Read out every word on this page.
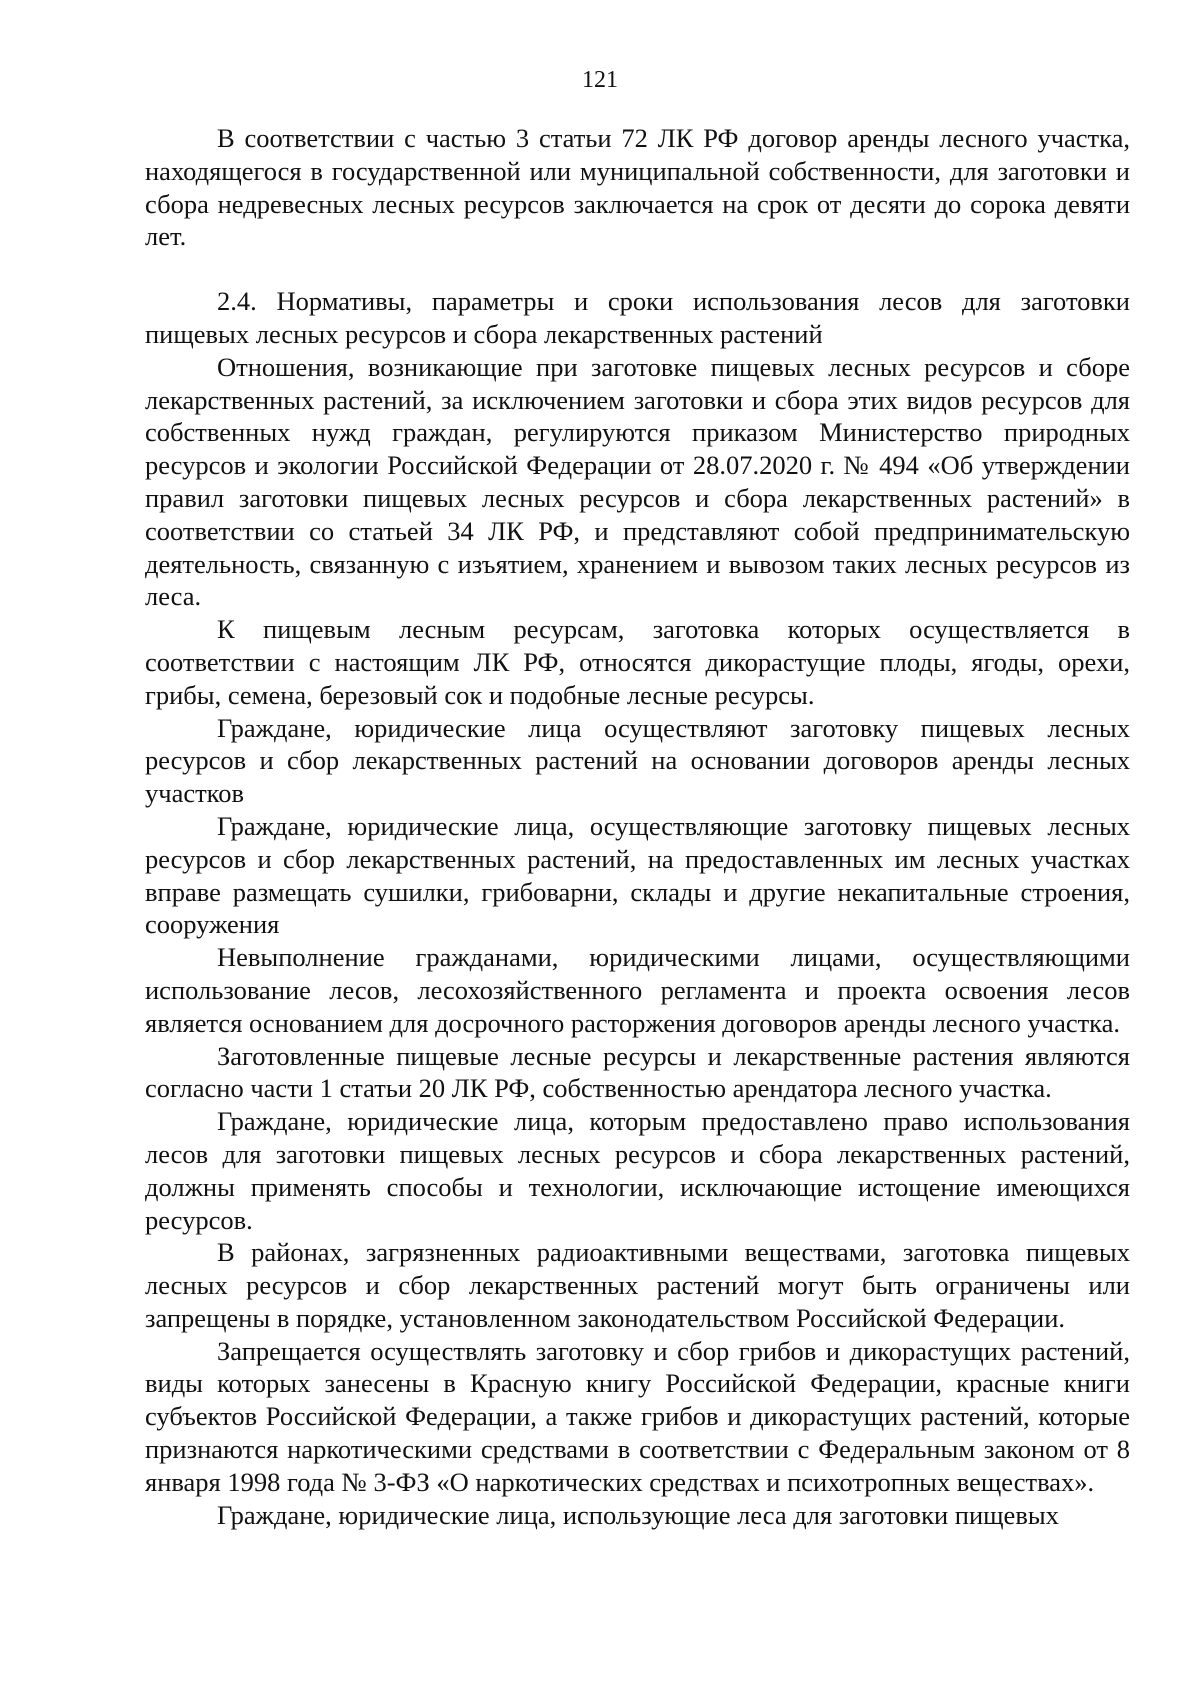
121

В соответствии с частью 3 статьи 72 ЛК РФ договор аренды лесного участка, находящегося в государственной или муниципальной собственности, для заготовки и сбора недревесных лесных ресурсов заключается на срок от десяти до сорока девяти лет.

2.4. Нормативы, параметры и сроки использования лесов для заготовки пищевых лесных ресурсов и сбора лекарственных растений

Отношения, возникающие при заготовке пищевых лесных ресурсов и сборе лекарственных растений, за исключением заготовки и сбора этих видов ресурсов для собственных нужд граждан, регулируются приказом Министерство природных ресурсов и экологии Российской Федерации от 28.07.2020 г. № 494 «Об утверждении правил заготовки пищевых лесных ресурсов и сбора лекарственных растений» в соответствии со статьей 34 ЛК РФ, и представляют собой предпринимательскую деятельность, связанную с изъятием, хранением и вывозом таких лесных ресурсов из леса.

К пищевым лесным ресурсам, заготовка которых осуществляется в соответствии с настоящим ЛК РФ, относятся дикорастущие плоды, ягоды, орехи, грибы, семена, березовый сок и подобные лесные ресурсы.

Граждане, юридические лица осуществляют заготовку пищевых лесных ресурсов и сбор лекарственных растений на основании договоров аренды лесных участков

Граждане, юридические лица, осуществляющие заготовку пищевых лесных ресурсов и сбор лекарственных растений, на предоставленных им лесных участках вправе размещать сушилки, грибоварни, склады и другие некапитальные строения, сооружения

Невыполнение гражданами, юридическими лицами, осуществляющими использование лесов, лесохозяйственного регламента и проекта освоения лесов является основанием для досрочного расторжения договоров аренды лесного участка.

Заготовленные пищевые лесные ресурсы и лекарственные растения являются согласно части 1 статьи 20 ЛК РФ, собственностью арендатора лесного участка.

Граждане, юридические лица, которым предоставлено право использования лесов для заготовки пищевых лесных ресурсов и сбора лекарственных растений, должны применять способы и технологии, исключающие истощение имеющихся ресурсов.

В районах, загрязненных радиоактивными веществами, заготовка пищевых лесных ресурсов и сбор лекарственных растений могут быть ограничены или запрещены в порядке, установленном законодательством Российской Федерации.

Запрещается осуществлять заготовку и сбор грибов и дикорастущих растений, виды которых занесены в Красную книгу Российской Федерации, красные книги субъектов Российской Федерации, а также грибов и дикорастущих растений, которые признаются наркотическими средствами в соответствии с Федеральным законом от 8 января 1998 года № 3-ФЗ «О наркотических средствах и психотропных веществах».

Граждане, юридические лица, использующие леса для заготовки пищевых
